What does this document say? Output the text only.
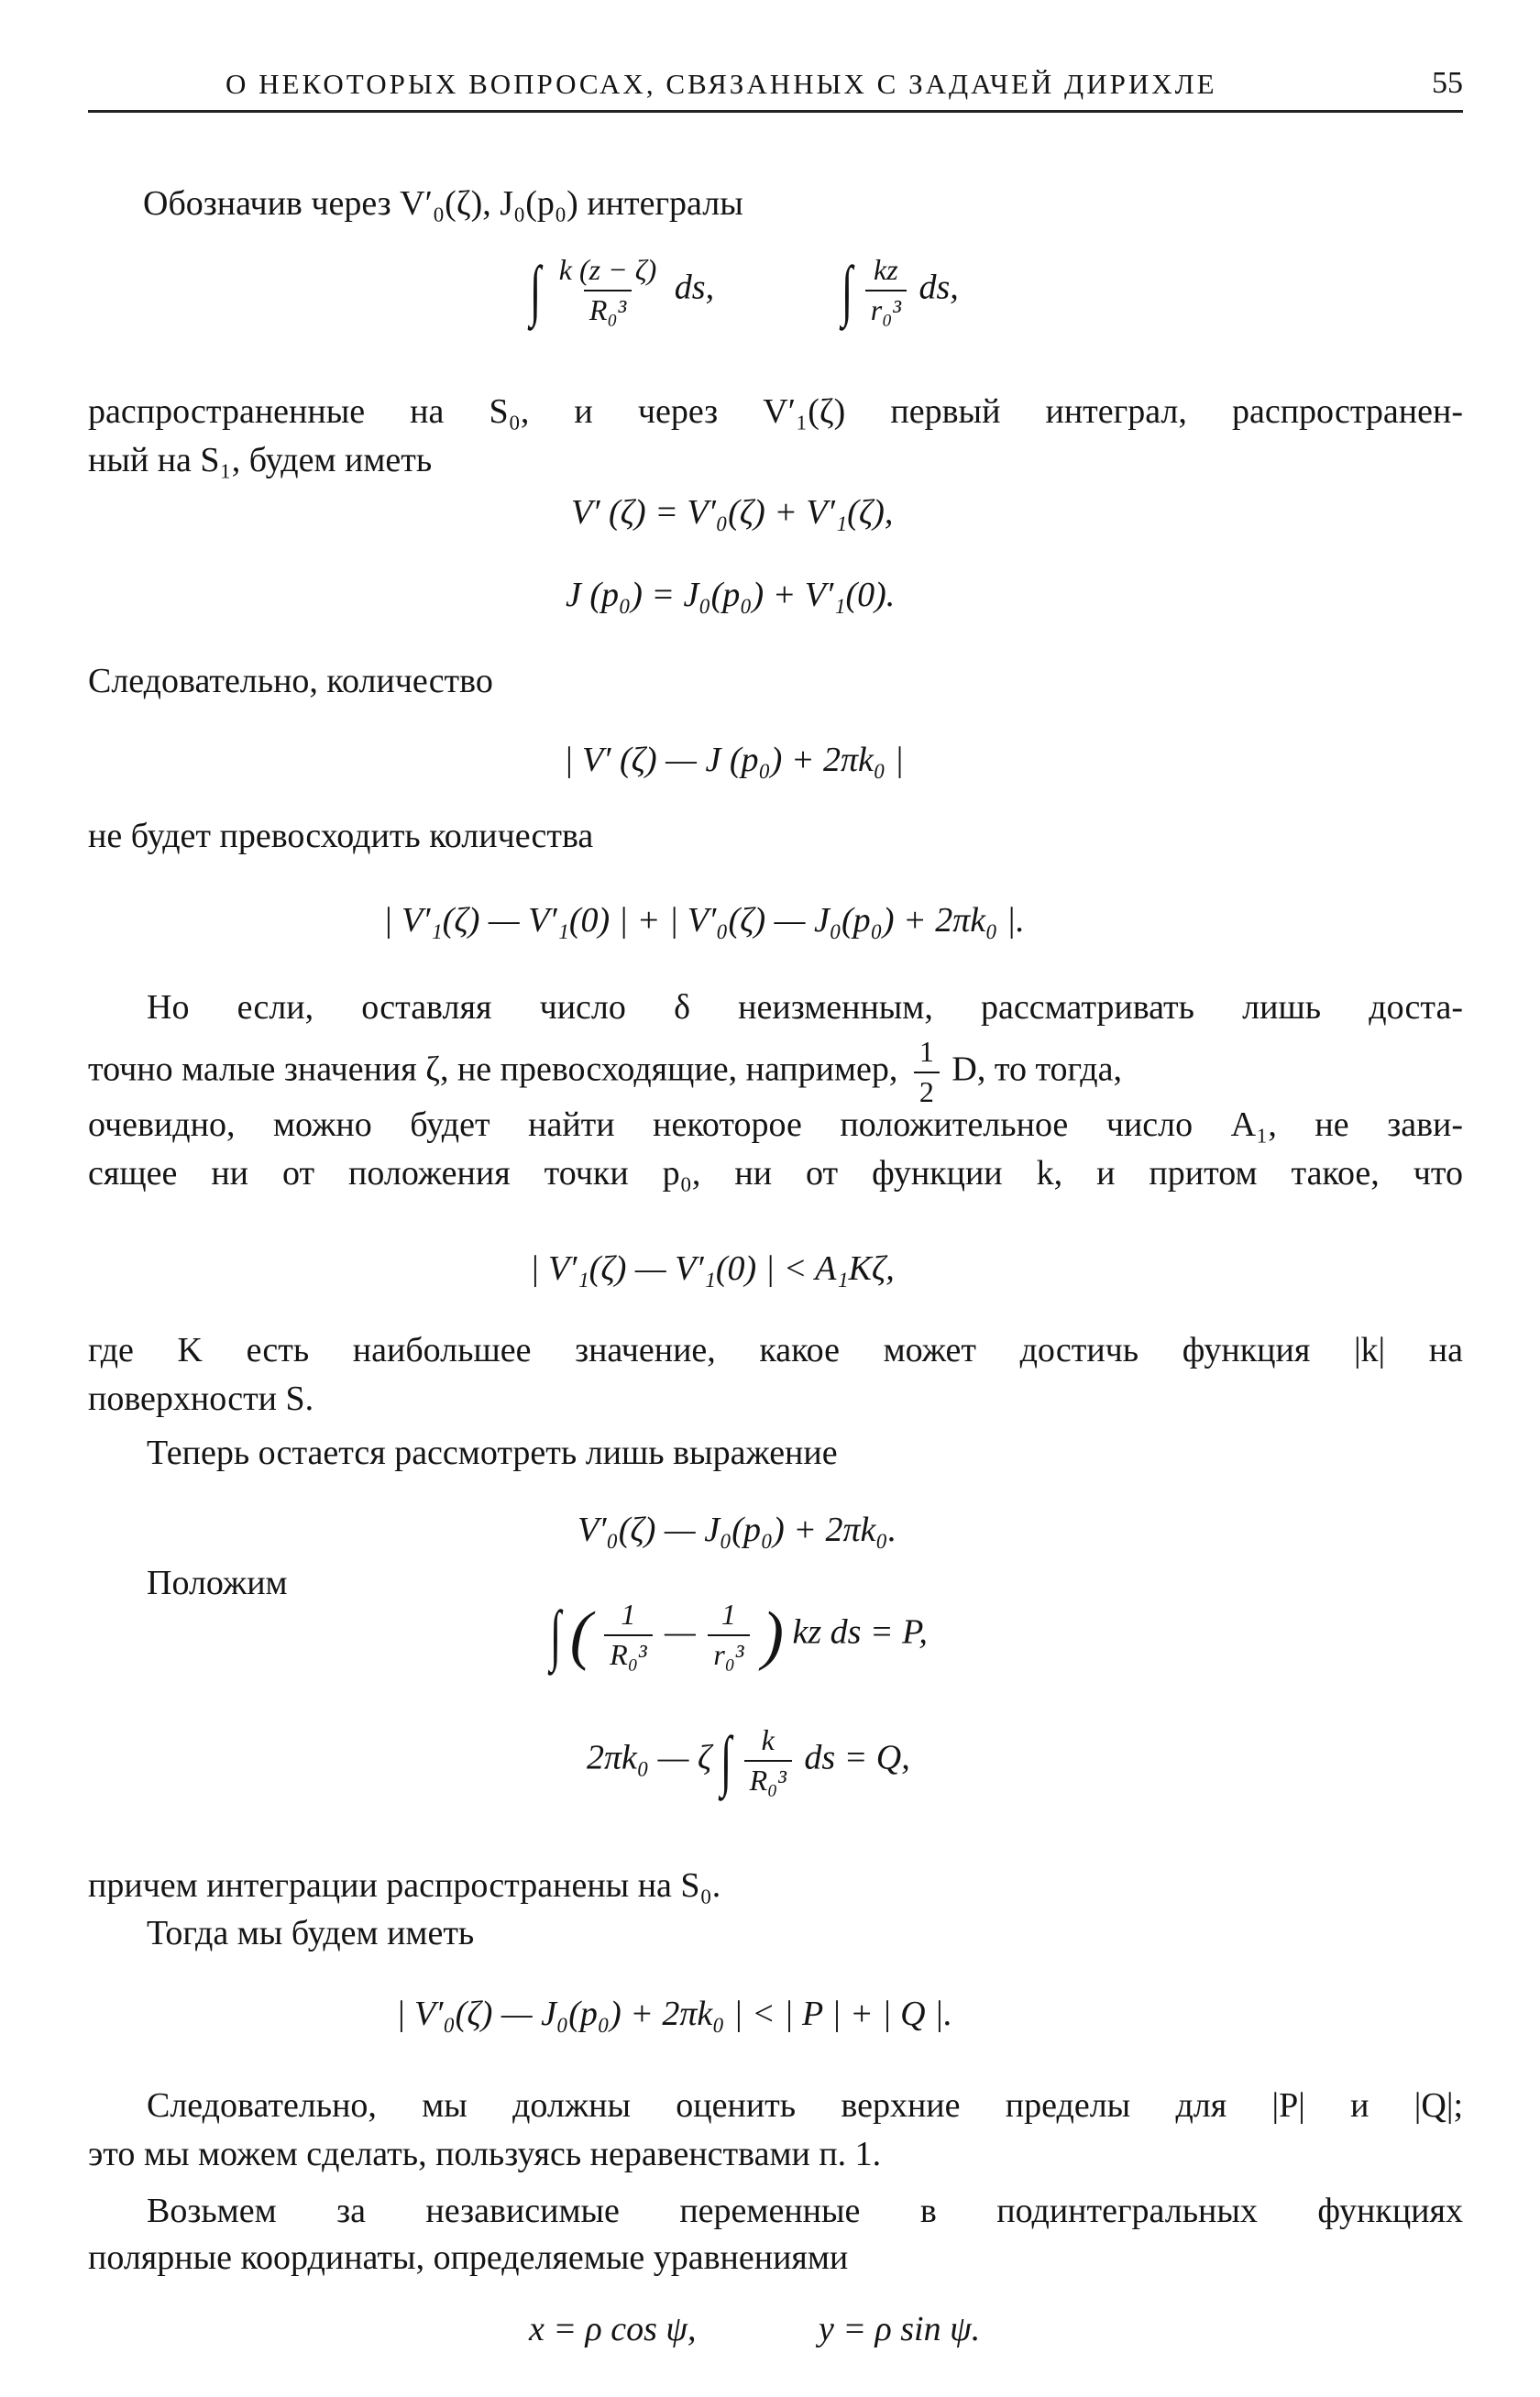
О НЕКОТОРЫХ ВОПРОСАХ, СВЯЗАННЫХ С ЗАДАЧЕЙ ДИРИХЛЕ	55
Обозначив через V′₀(ζ), J₀(p₀) интегралы
∫ $\frac{k (z - \zeta)}{\text{R₀³}}$ ds, ∫ $\frac{kz}{\text{r₀³}}$ ds,
распространенные на S₀, и через V′₁(ζ) первый интеграл, распространен-
ный на S₁, будем иметь
V′ (ζ) = V′₀(ζ) + V′₁(ζ),
J (p₀) = J₀(p₀) + V′₁(0).
Следовательно, количество
| V′ (ζ) — J (p₀) + 2πk₀ |
не будет превосходить количества
| V′₁(ζ) — V′₁(0) | + | V′₀(ζ) — J₀(p₀) + 2πk₀ |.
Но если, оставляя число δ неизменным, рассматривать лишь доста-
точно малые значения ζ, не превосходящие, например, $\frac{1}{2} D$, то тогда,
очевидно, можно будет найти некоторое положительное число A₁, не зави-
сящее ни от положения точки p₀, ни от функции k, и притом такое, что
| V′₁(ζ) — V′₁(0) | < A₁Kζ,
где K есть наибольшее значение, какое может достичь функция |k| на
поверхности S.
Теперь остается рассмотреть лишь выражение
V′₀(ζ) — J₀(p₀) + 2πk₀.
Положим
∫ ( $\frac{1}{\text{R₀³}}$ — $\frac{1}{\text{r₀³}}$ ) kz ds = P,
2πk₀ — ζ ∫ $\frac{k}{\text{R₀³}}$ ds = Q,
причем интеграции распространены на S₀.
Тогда мы будем иметь
| V′₀(ζ) — J₀(p₀) + 2πk₀ | < | P | + | Q |.
Следовательно, мы должны оценить верхние пределы для |P| и |Q|;
это мы можем сделать, пользуясь неравенствами п. 1.
Возьмем за независимые переменные в подинтегральных функциях
полярные координаты, определяемые уравнениями
x = ρ cos ψ,	y = ρ sin ψ.
